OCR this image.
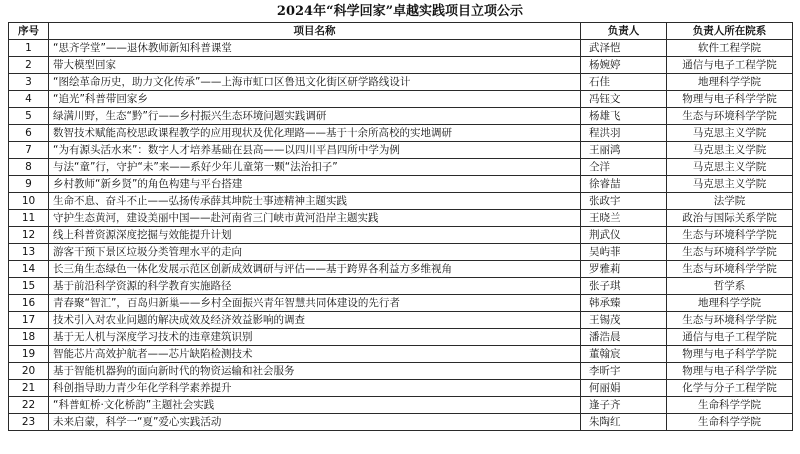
2024年“科学回家”卓越实践项目立项公示
序号	项目名称	负责人	负责人所在院系
1	“思齐学堂”——退休教师新知科普课堂	武泽恺	软件工程学院
2	带大模型回家	杨婉婷	通信与电子工程学院
3	“图绘革命历史，助力文化传承”——上海市虹口区鲁迅文化街区研学路线设计	石佳	地理科学学院
4	“追光”科普带回家乡	冯钰文	物理与电子科学学院
5	绿满川野，生态“黔”行——乡村振兴生态环境问题实践调研	杨雄飞	生态与环境科学学院
6	数智技术赋能高校思政课程教学的应用现状及优化理路——基于十余所高校的实地调研	程洪羽	马克思主义学院
7	“为有源头活水来”：数字人才培养基础在县高——以四川平昌四所中学为例	王丽鸿	马克思主义学院
8	与法“童”行，守护“未”来——系好少年儿童第一颗“法治扣子”	仝洋	马克思主义学院
9	乡村教师“新乡贤”的角色构建与平台搭建	徐睿喆	马克思主义学院
10	生命不息、奋斗不止——弘扬传承薛其坤院士事迹精神主题实践	张政宇	法学院
11	守护生态黄河，建设美丽中国——赴河南省三门峡市黄河沿岸主题实践	王晓兰	政治与国际关系学院
12	线上科普资源深度挖掘与效能提升计划	荆武仪	生态与环境科学学院
13	游客干预下景区垃圾分类管理水平的走向	吴屿菲	生态与环境科学学院
14	长三角生态绿色一体化发展示范区创新成效调研与评估——基于跨界各利益方多维视角	罗雅莉	生态与环境科学学院
15	基于前沿科学资源的科学教育实施路径	张子琪	哲学系
16	青春聚“智汇”，百岛归新巢——乡村全面振兴青年智慧共同体建设的先行者	韩承臻	地理科学学院
17	技术引入对农业问题的解决成效及经济效益影响的调查	王锡茂	生态与环境科学学院
18	基于无人机与深度学习技术的违章建筑识别	潘浩晨	通信与电子工程学院
19	智能芯片高效护航者——芯片缺陷检测技术	董翰宸	物理与电子科学学院
20	基于智能机器狗的面向新时代的物资运输和社会服务	李昕宇	物理与电子科学学院
21	科创指导助力青少年化学科学素养提升	何丽娟	化学与分子工程学院
22	“科普虹桥·文化桥韵”主题社会实践	逢子齐	生命科学学院
23	未来启蒙，科学一“夏”爱心实践活动	朱陶红	生命科学学院
